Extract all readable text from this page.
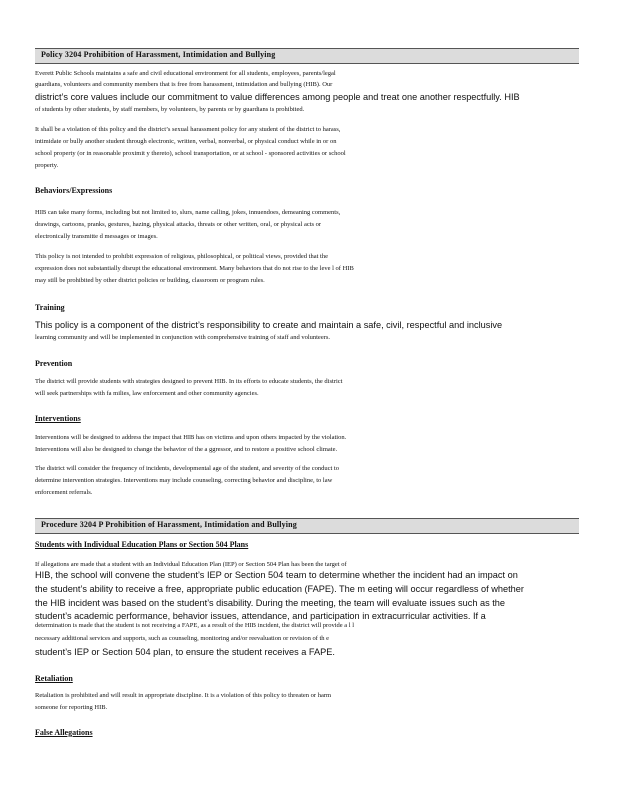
Policy 3204 Prohibition of Harassment, Intimidation and Bullying
Everett Public Schools maintains a safe and civil educational environment for all students, employees, parents/legal
guardians, volunteers and community members that is free from harassment, intimidation and bullying (HIB). Our
district’s core values include our commitment to value differences among people and treat one another respectfully. HIB
of students by other students, by staff members, by volunteers, by parents or by guardians is prohibited.
It shall be a violation of this policy and the district’s sexual harassment policy for any student of the district to harass,
intimidate or bully another student through electronic, written, verbal, nonverbal, or physical conduct while in or on
school property (or in reasonable proximit y thereto), school transportation, or at school - sponsored activities or school
property.
Behaviors/Expressions
HIB can take many forms, including but not limited to, slurs, name calling, jokes, innuendoes, demeaning comments,
drawings, cartoons, pranks, gestures, hazing, physical attacks, threats or other written, oral, or physical acts or
electronically transmitte d messages or images.
This policy is not intended to prohibit expression of religious, philosophical, or political views, provided that the
expression does not substantially disrupt the educational environment. Many behaviors that do not rise to the leve l of HIB
may still be prohibited by other district policies or building, classroom or program rules.
Training
This policy is a component of the district’s responsibility to create and maintain a safe, civil, respectful and inclusive
learning community and will be implemented in conjunction with comprehensive training of staff and volunteers.
Prevention
The district will provide students with strategies designed to prevent HIB. In its efforts to educate students, the district
will seek partnerships with fa milies, law enforcement and other community agencies.
Interventions
Interventions will be designed to address the impact that HIB has on victims and upon others impacted by the violation.
Interventions will also be designed to change the behavior of the a ggressor, and to restore a positive school climate.
The district will consider the frequency of incidents, developmental age of the student, and severity of the conduct to
determine intervention strategies. Interventions may include counseling, correcting behavior and discipline, to law
enforcement referrals.
Procedure 3204 P Prohibition of Harassment, Intimidation and Bullying
Students with Individual Education Plans or Section 504 Plans
If allegations are made that a student with an Individual Education Plan (IEP) or Section 504 Plan has been the target of
HIB, the school will convene the student’s IEP or Section 504 team to determine whether the incident had an impact on
the student’s ability to receive a free, appropriate public education (FAPE). The m eeting will occur regardless of whether
the HIB incident was based on the student’s disability. During the meeting, the team will evaluate issues such as the
student’s academic performance, behavior issues, attendance, and participation in extracurricular activities. If a
determination is made that the student is not receiving a FAPE, as a result of the HIB incident, the district will provide a l l
necessary additional services and supports, such as counseling, monitoring and/or reevaluation or revision of th e
student’s IEP or Section 504 plan, to ensure the student receives a FAPE.
Retaliation
Retaliation is prohibited and will result in appropriate discipline. It is a violation of this policy to threaten or harm
someone for reporting HIB.
False Allegations
